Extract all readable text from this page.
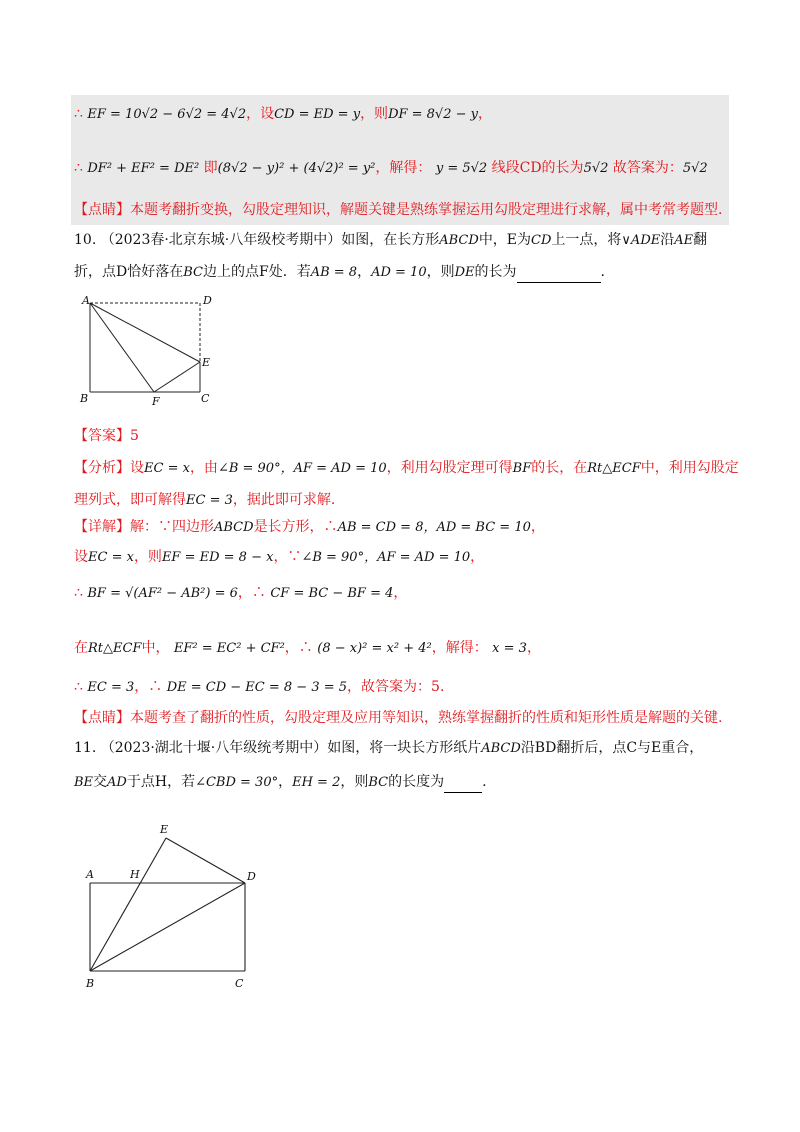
∴ EF = 10√2 − 6√2 = 4√2，设CD = ED = y，则DF = 8√2 − y，
∴ DF² + EF² = DE² 即(8√2 − y)² + (4√2)² = y²，解得： y = 5√2 线段CD的长为5√2 故答案为：5√2
【点睛】本题考翻折变换，勾股定理知识，解题关键是熟练掌握运用勾股定理进行求解，属中考常考题型.
10. （2023春·北京东城·八年级校考期中）如图，在长方形ABCD中，E为CD上一点，将∨ADE沿AE翻
折，点D恰好落在BC边上的点F处．若AB = 8，AD = 10，则DE的长为	.
A	D
E
B	F	C
【答案】5
【分析】设EC = x，由∠B = 90°，AF = AD = 10，利用勾股定理可得BF的长，在Rt△ECF中，利用勾股定
理列式，即可解得EC = 3，据此即可求解.
【详解】解：∵四边形ABCD是长方形，∴AB = CD = 8，AD = BC = 10，
设EC = x，则EF = ED = 8 − x，∵∠B = 90°，AF = AD = 10，
∴ BF = √(AF² − AB²) = 6，∴ CF = BC − BF = 4，
在Rt△ECF中， EF² = EC² + CF²，∴ (8 − x)² = x² + 4²，解得： x = 3，
∴ EC = 3，∴ DE = CD − EC = 8 − 3 = 5，故答案为：5.
【点睛】本题考查了翻折的性质，勾股定理及应用等知识，熟练掌握翻折的性质和矩形性质是解题的关键.
11. （2023·湖北十堰·八年级统考期中）如图，将一块长方形纸片ABCD沿BD翻折后，点C与E重合，
BE交AD于点H，若∠CBD = 30°，EH = 2，则BC的长度为	.
A	H
E
D
B	C
